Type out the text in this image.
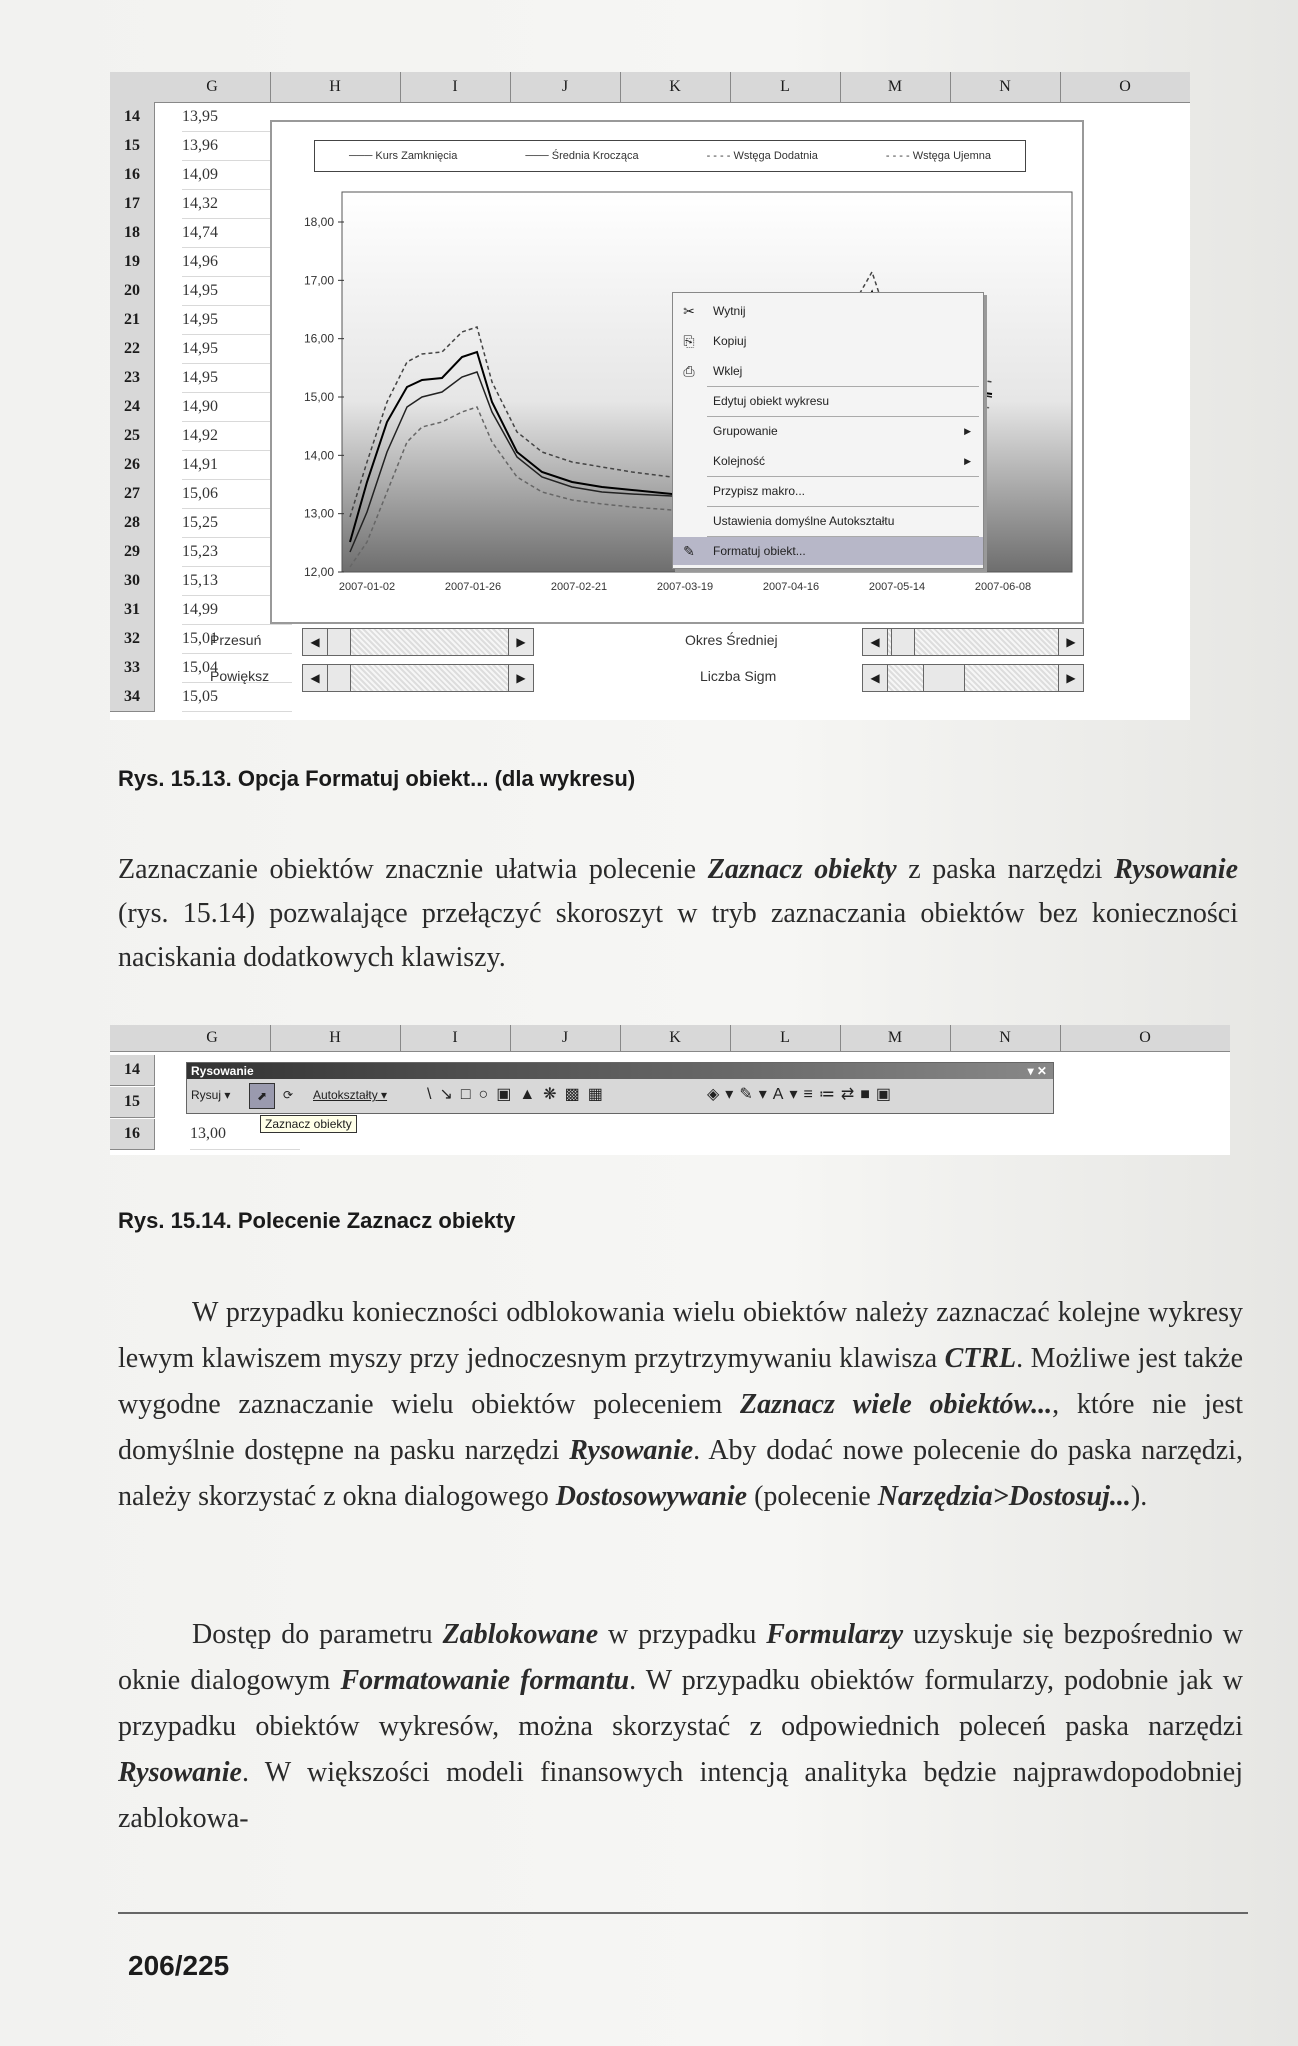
G	H	I	J	K	L	M	N	O
14	13,95
15	13,96
16	14,09
17	14,32
18	14,74
19	14,96
20	14,95
21	14,95
22	14,95
23	14,95
24	14,90
25	14,92
26	14,91
27	15,06
28	15,25
29	15,23
30	15,13
31	14,99
32	15,01
33	15,04
34	15,05
─── Kurs Zamknięcia	─── Średnia Krocząca	- - - - Wstęga Dodatnia	- - - - Wstęga Ujemna
18,00
17,00
16,00
15,00
14,00
13,00
12,00
2007-01-02	2007-01-26	2007-02-21	2007-03-19	2007-04-16	2007-05-14	2007-06-08
✂	Wytnij
⎘	Kopiuj
⎙	Wklej
Edytuj obiekt wykresu
Grupowanie	▶
Kolejność	▶
Przypisz makro...
Ustawienia domyślne Autokształtu
✎	Formatuj obiekt...
Przesuń	◀	▶
Powiększ	◀	▶
Okres Średniej	◀	▶
Liczba Sigm	◀	▶
Rys. 15.13. Opcja Formatuj obiekt... (dla wykresu)
Zaznaczanie obiektów znacznie ułatwia polecenie Zaznacz obiekty z paska narzędzi Rysowanie (rys. 15.14) pozwalające przełączyć skoroszyt w tryb zaznaczania obiektów bez konieczności naciskania dodatkowych klawiszy.
G	H	I	J	K	L	M	N	O
14
15
16	13,00
Rysowanie	▾ ✕
Rysuj ▾	⬈	⟳ Autokształty ▾ \↘□○▣▲❋▩▦	◈▾✎▾A▾≡≔⇄■▣
Zaznacz obiekty
Rys. 15.14. Polecenie Zaznacz obiekty
W przypadku konieczności odblokowania wielu obiektów należy zaznaczać kolejne wykresy lewym klawiszem myszy przy jednoczesnym przytrzymywaniu klawisza CTRL. Możliwe jest także wygodne zaznaczanie wielu obiektów poleceniem Zaznacz wiele obiektów..., które nie jest domyślnie dostępne na pasku narzędzi Rysowanie. Aby dodać nowe polecenie do paska narzędzi, należy skorzystać z okna dialogowego Dostosowywanie (polecenie Narzędzia>Dostosuj...).
Dostęp do parametru Zablokowane w przypadku Formularzy uzyskuje się bezpośrednio w oknie dialogowym Formatowanie formantu. W przypadku obiektów formularzy, podobnie jak w przypadku obiektów wykresów, można skorzystać z odpowiednich poleceń paska narzędzi Rysowanie. W większości modeli finansowych intencją analityka będzie najprawdopodobniej zablokowa-
206/225
